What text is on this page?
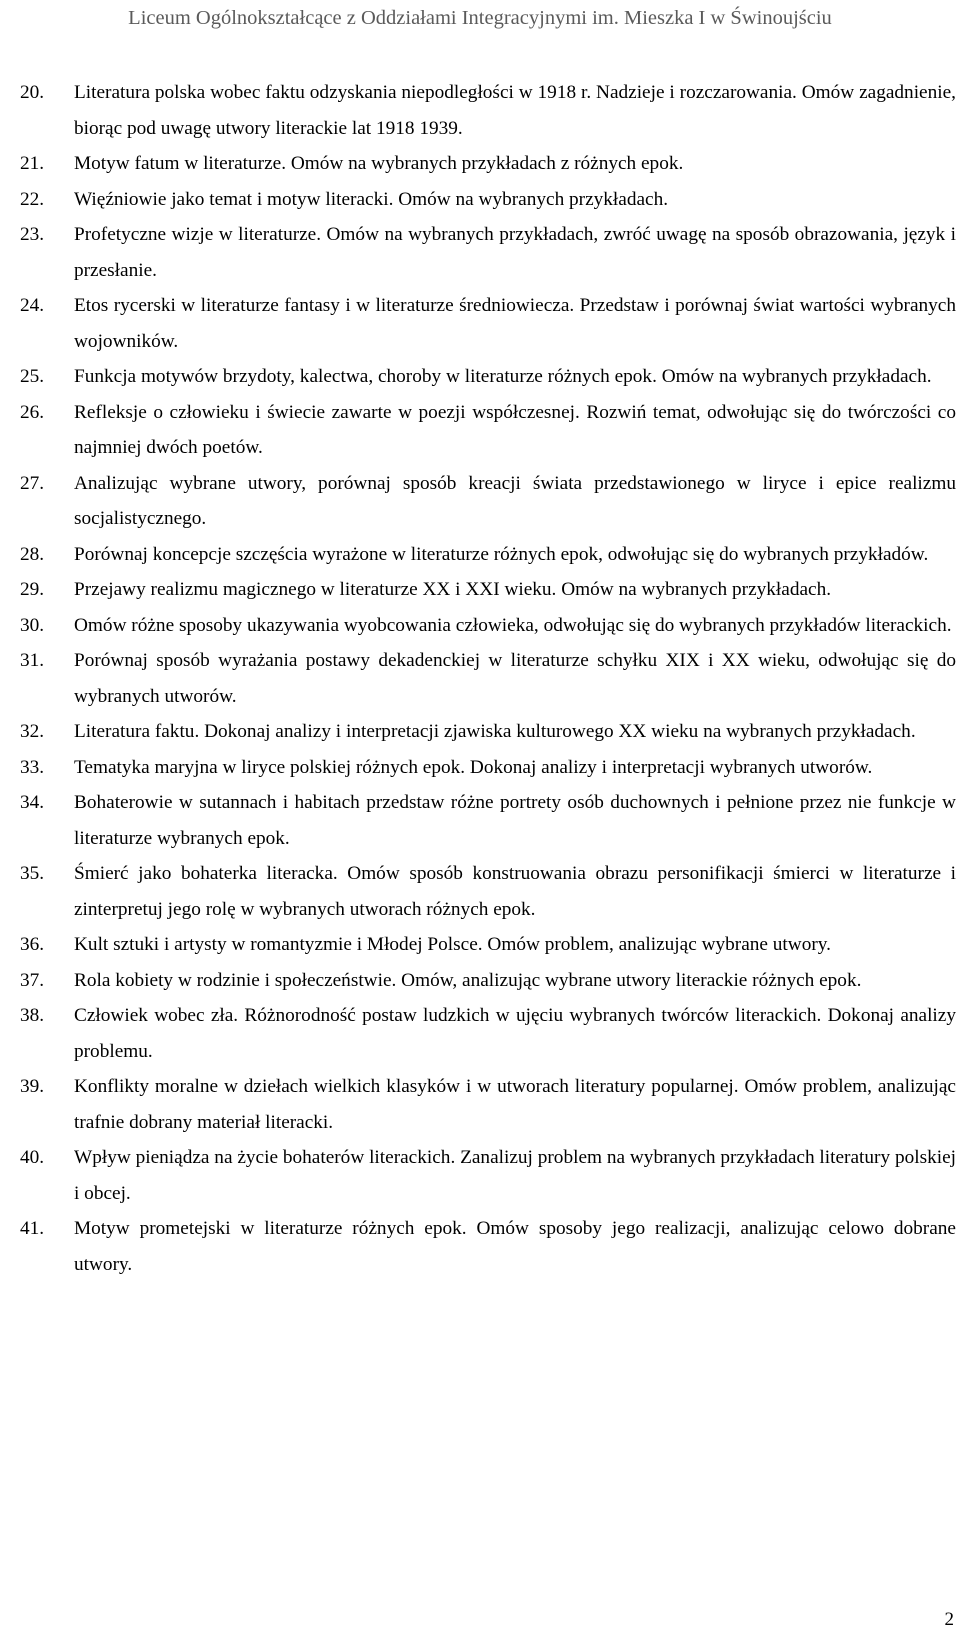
Liceum Ogólnokształcące z Oddziałami Integracyjnymi im. Mieszka I w Świnoujściu
20. Literatura polska wobec faktu odzyskania niepodległości w 1918 r. Nadzieje i rozczarowania. Omów zagadnienie, biorąc pod uwagę utwory literackie lat 1918 1939.
21. Motyw fatum w literaturze. Omów na wybranych przykładach z różnych epok.
22. Więźniowie jako temat i motyw literacki. Omów na wybranych przykładach.
23. Profetyczne wizje w literaturze. Omów na wybranych przykładach, zwróć uwagę na sposób obrazowania, język i przesłanie.
24. Etos rycerski w literaturze fantasy i w literaturze średniowiecza. Przedstaw i porównaj świat wartości wybranych wojowników.
25. Funkcja motywów brzydoty, kalectwa, choroby w literaturze różnych epok. Omów na wybranych przykładach.
26. Refleksje o człowieku i świecie zawarte w poezji współczesnej. Rozwiń temat, odwołując się do twórczości co najmniej dwóch poetów.
27. Analizując wybrane utwory, porównaj sposób kreacji świata przedstawionego w liryce i epice realizmu socjalistycznego.
28. Porównaj koncepcje szczęścia wyrażone w literaturze różnych epok, odwołując się do wybranych przykładów.
29. Przejawy realizmu magicznego w literaturze XX i XXI wieku. Omów na wybranych przykładach.
30. Omów różne sposoby ukazywania wyobcowania człowieka, odwołując się do wybranych przykładów literackich.
31. Porównaj sposób wyrażania postawy dekadenckiej w literaturze schyłku XIX i XX wieku, odwołując się do wybranych utworów.
32. Literatura faktu. Dokonaj analizy i interpretacji zjawiska kulturowego XX wieku na wybranych przykładach.
33. Tematyka maryjna w liryce polskiej różnych epok. Dokonaj analizy i interpretacji wybranych utworów.
34. Bohaterowie w sutannach i habitach przedstaw różne portrety osób duchownych i pełnione przez nie funkcje w literaturze wybranych epok.
35. Śmierć jako bohaterka literacka. Omów sposób konstruowania obrazu personifikacji śmierci w literaturze i zinterpretuj jego rolę w wybranych utworach różnych epok.
36. Kult sztuki i artysty w romantyzmie i Młodej Polsce. Omów problem, analizując wybrane utwory.
37. Rola kobiety w rodzinie i społeczeństwie. Omów, analizując wybrane utwory literackie różnych epok.
38. Człowiek wobec zła. Różnorodność postaw ludzkich w ujęciu wybranych twórców literackich. Dokonaj analizy problemu.
39. Konflikty moralne w dziełach wielkich klasyków i w utworach literatury popularnej. Omów problem, analizując trafnie dobrany materiał literacki.
40. Wpływ pieniądza na życie bohaterów literackich. Zanalizuj problem na wybranych przykładach literatury polskiej i obcej.
41. Motyw prometejski w literaturze różnych epok. Omów sposoby jego realizacji, analizując celowo dobrane utwory.
2
